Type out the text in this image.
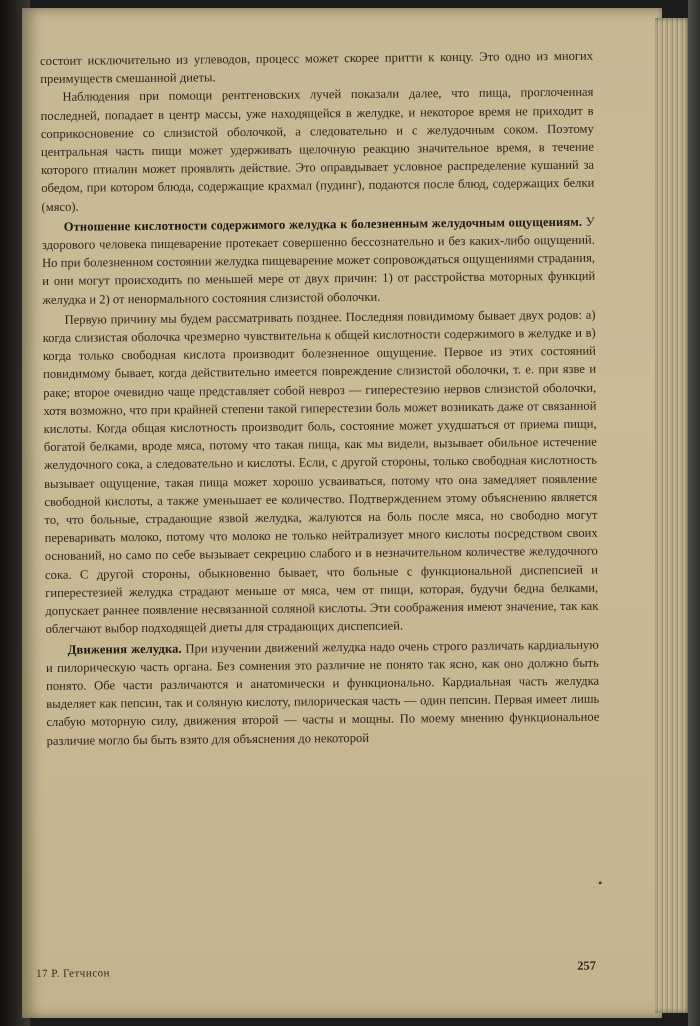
состоит исключительно из углеводов, процесс может скорее притти к концу. Это одно из многих преимуществ смешанной диеты.

Наблюдения при помощи рентгеновских лучей показали далее, что пища, проглоченная последней, попадает в центр массы, уже находящейся в желудке, и некоторое время не приходит в соприкосновение со слизистой оболочкой, а следовательно и с желудочным соком. Поэтому центральная часть пищи может удерживать щелочную реакцию значительное время, в течение которого птиалин может проявлять действие. Это оправдывает условное распределение кушаний за обедом, при котором блюда, содержащие крахмал (пудинг), подаются после блюд, содержащих белки (мясо).

Отношение кислотности содержимого желудка к болезненным желудочным ощущениям. У здорового человека пищеварение протекает совершенно бессознательно и без каких-либо ощущений. Но при болезненном состоянии желудка пищеварение может сопровождаться ощущениями страдания, и они могут происходить по меньшей мере от двух причин: 1) от расстройства моторных функций желудка и 2) от ненормального состояния слизистой оболочки.

Первую причину мы будем рассматривать позднее. Последняя повидимому бывает двух родов: а) когда слизистая оболочка чрезмерно чувствительна к общей кислотности содержимого в желудке и в) когда только свободная кислота производит болезненное ощущение. Первое из этих состояний повидимому бывает, когда действительно имеется повреждение слизистой оболочки, т. е. при язве и раке; второе очевидно чаще представляет собой невроз — гиперестезию нервов слизистой оболочки, хотя возможно, что при крайней степени такой гиперестезии боль может возникать даже от связанной кислоты. Когда общая кислотность производит боль, состояние может ухудшаться от приема пищи, богатой белками, вроде мяса, потому что такая пища, как мы видели, вызывает обильное истечение желудочного сока, а следовательно и кислоты. Если, с другой стороны, только свободная кислотность вызывает ощущение, такая пища может хорошо усваиваться, потому что она замедляет появление свободной кислоты, а также уменьшает ее количество. Подтверждением этому объяснению является то, что больные, страдающие язвой желудка, жалуются на боль после мяса, но свободно могут переваривать молоко, потому что молоко не только нейтрализует много кислоты посредством своих оснований, но само по себе вызывает секрецию слабого и в незначительном количестве желудочного сока. С другой стороны, обыкновенно бывает, что больные с функциональной диспепсией и гиперестезией желудка страдают меньше от мяса, чем от пищи, которая, будучи бедна белками, допускает раннее появление несвязанной соляной кислоты. Эти соображения имеют значение, так как облегчают выбор подходящей диеты для страдающих диспепсией.

Движения желудка. При изучении движений желудка надо очень строго различать кардиальную и пилорическую часть органа. Без сомнения это различие не понято так ясно, как оно должно быть понято. Обе части различаются и анатомически и функционально. Кардиальная часть желудка выделяет как пепсин, так и соляную кислоту, пилорическая часть — один пепсин. Первая имеет лишь слабую моторную силу, движения второй — часты и мощны. По моему мнению функциональное различие могло бы быть взято для объяснения до некоторой

•
17 Р. Гетчисон
257
